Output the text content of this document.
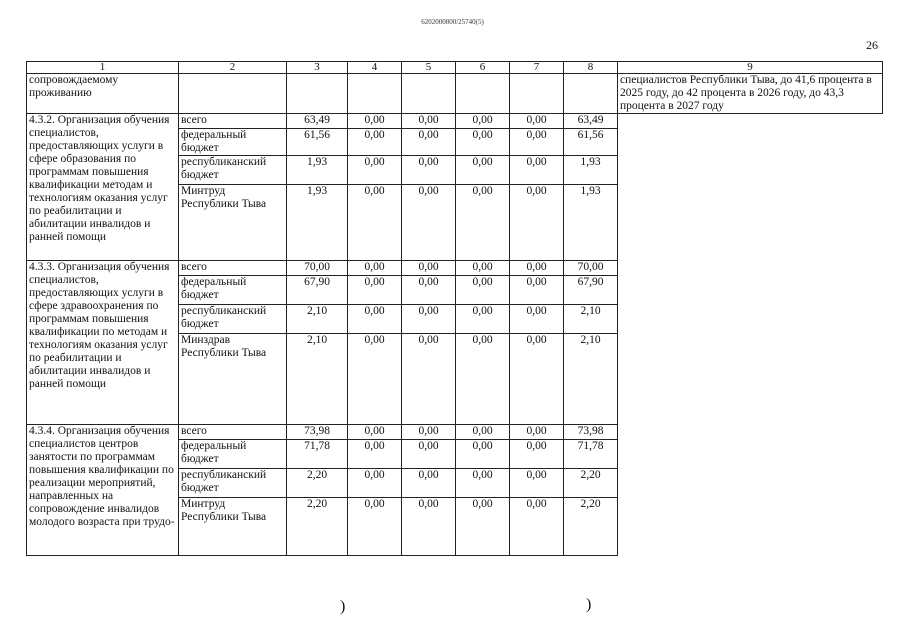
6202000800/25740(5)
26
1	2	3	4	5	6	7	8	9
сопровождаемому проживанию								специалистов Республики Тыва, до 41,6 процента в 2025 году, до 42 процента в 2026 году, до 43,3 процента в 2027 году
4.3.2. Организация обучения специалистов, предоставляющих услуги в сфере образования по программам повышения квалификации методам и технологиям оказания услуг по реабилитации и абилитации инвалидов и ранней помощи	всего	63,49	0,00	0,00	0,00	0,00	63,49	
	федеральный бюджет	61,56	0,00	0,00	0,00	0,00	61,56	
	республиканский бюджет	1,93	0,00	0,00	0,00	0,00	1,93	
	Минтруд Республики Тыва	1,93	0,00	0,00	0,00	0,00	1,93	
4.3.3. Организация обучения специалистов, предоставляющих услуги в сфере здравоохранения по программам повышения квалификации по методам и технологиям оказания услуг по реабилитации и абилитации инвалидов и ранней помощи	всего	70,00	0,00	0,00	0,00	0,00	70,00	
	федеральный бюджет	67,90	0,00	0,00	0,00	0,00	67,90	
	республиканский бюджет	2,10	0,00	0,00	0,00	0,00	2,10	
	Минздрав Республики Тыва	2,10	0,00	0,00	0,00	0,00	2,10	
4.3.4. Организация обучения специалистов центров занятости по программам повышения квалификации по реализации мероприятий, направленных на сопровождение инвалидов молодого возраста при трудо-	всего	73,98	0,00	0,00	0,00	0,00	73,98	
	федеральный бюджет	71,78	0,00	0,00	0,00	0,00	71,78	
	республиканский бюджет	2,20	0,00	0,00	0,00	0,00	2,20	
	Минтруд Республики Тыва	2,20	0,00	0,00	0,00	0,00	2,20	
)	)
